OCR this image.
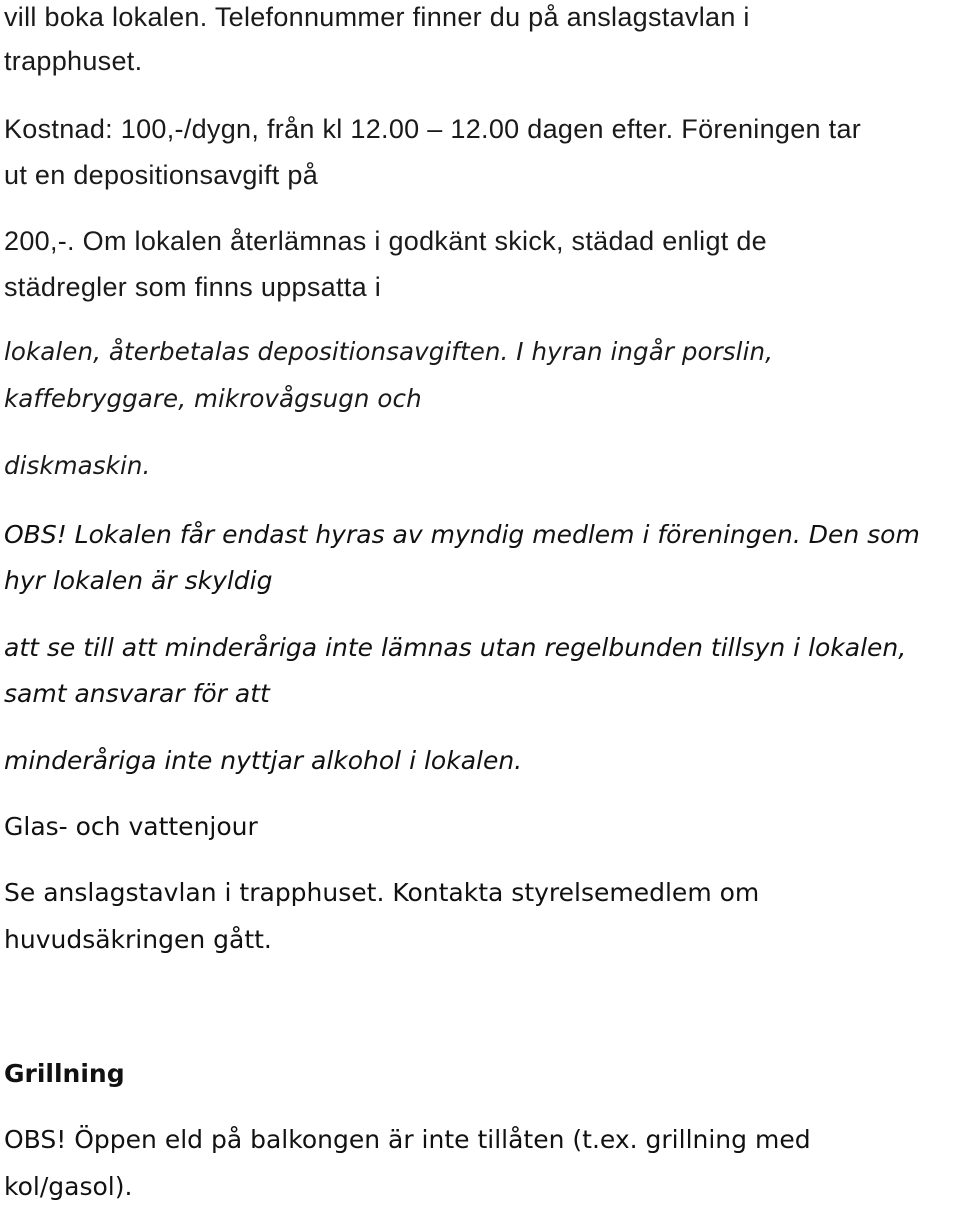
vill boka lokalen. Telefonnummer finner du på anslagstavlan i
trapphuset.
Kostnad: 100,-/dygn, från kl 12.00 – 12.00 dagen efter. Föreningen tar
ut en depositionsavgift på
200,-. Om lokalen återlämnas i godkänt skick, städad enligt de
städregler som finns uppsatta i
lokalen, återbetalas depositionsavgiften. I hyran ingår porslin,
kaffebryggare, mikrovågsugn och
diskmaskin.
OBS! Lokalen får endast hyras av myndig medlem i föreningen. Den som
hyr lokalen är skyldig
att se till att minderåriga inte lämnas utan regelbunden tillsyn i lokalen,
samt ansvarar för att
minderåriga inte nyttjar alkohol i lokalen.
Glas- och vattenjour
Se anslagstavlan i trapphuset. Kontakta styrelsemedlem om
huvudsäkringen gått.
Grillning
OBS! Öppen eld på balkongen är inte tillåten (t.ex. grillning med
kol/gasol).
